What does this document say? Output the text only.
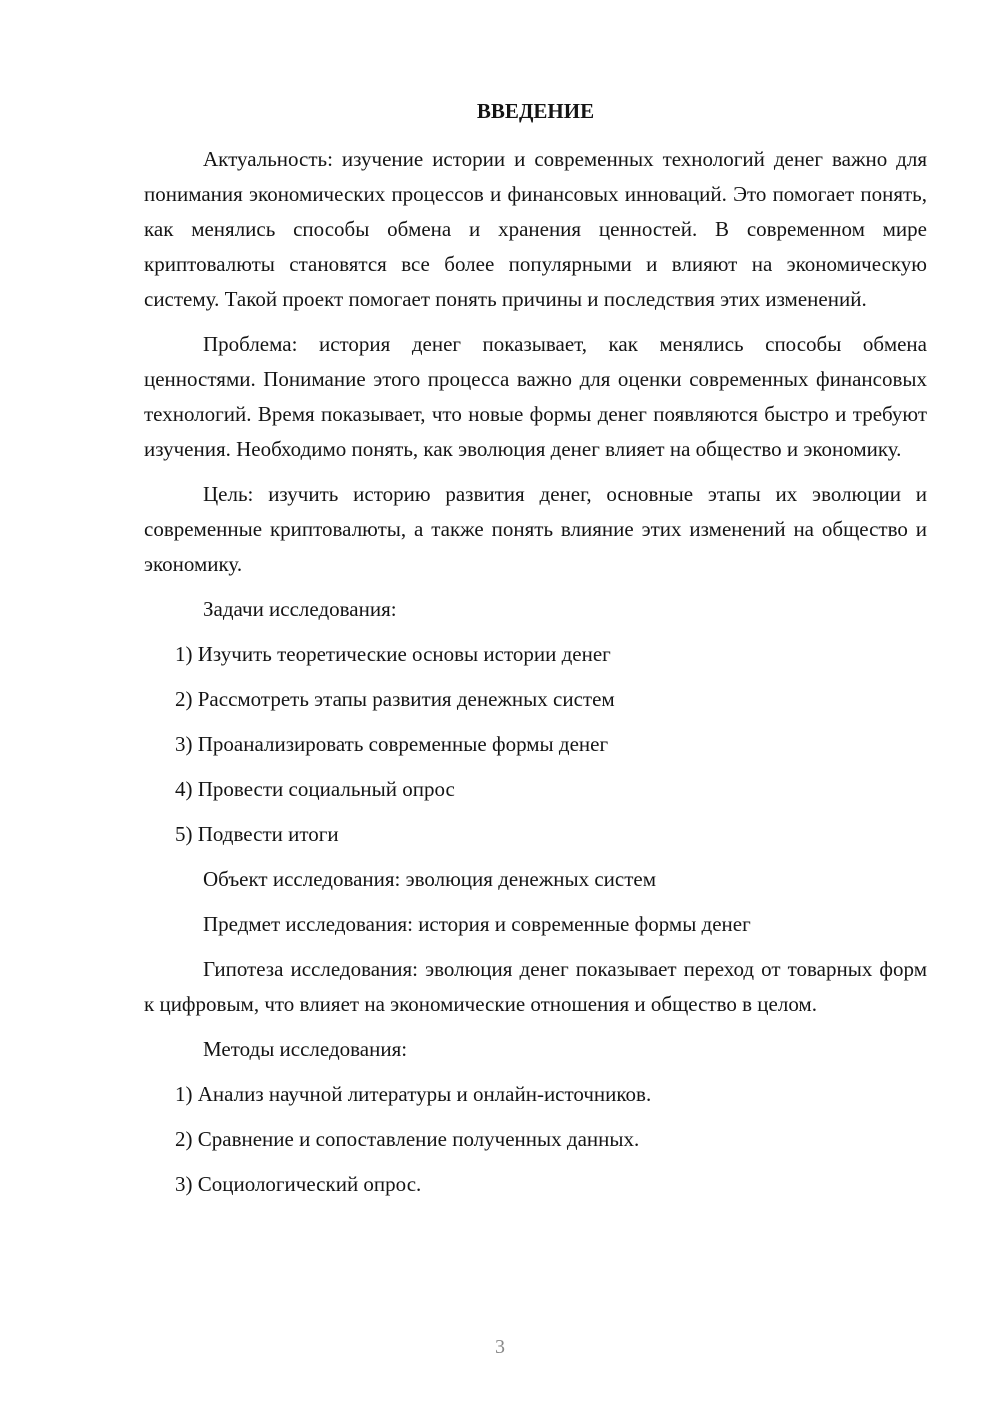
ВВЕДЕНИЕ

Актуальность: изучение истории и современных технологий денег важно для понимания экономических процессов и финансовых инноваций. Это помогает понять, как менялись способы обмена и хранения ценностей. В современном мире криптовалюты становятся все более популярными и влияют на экономическую систему. Такой проект помогает понять причины и последствия этих изменений.

Проблема: история денег показывает, как менялись способы обмена ценностями. Понимание этого процесса важно для оценки современных финансовых технологий. Время показывает, что новые формы денег появляются быстро и требуют изучения. Необходимо понять, как эволюция денег влияет на общество и экономику.

Цель: изучить историю развития денег, основные этапы их эволюции и современные криптовалюты, а также понять влияние этих изменений на общество и экономику.

Задачи исследования:
1) Изучить теоретические основы истории денег
2) Рассмотреть этапы развития денежных систем
3) Проанализировать современные формы денег
4) Провести социальный опрос
5) Подвести итоги
Объект исследования: эволюция денежных систем
Предмет исследования: история и современные формы денег

Гипотеза исследования: эволюция денег показывает переход от товарных форм к цифровым, что влияет на экономические отношения и общество в целом.

Методы исследования:
1) Анализ научной литературы и онлайн-источников.
2) Сравнение и сопоставление полученных данных.
3) Социологический опрос.
3
